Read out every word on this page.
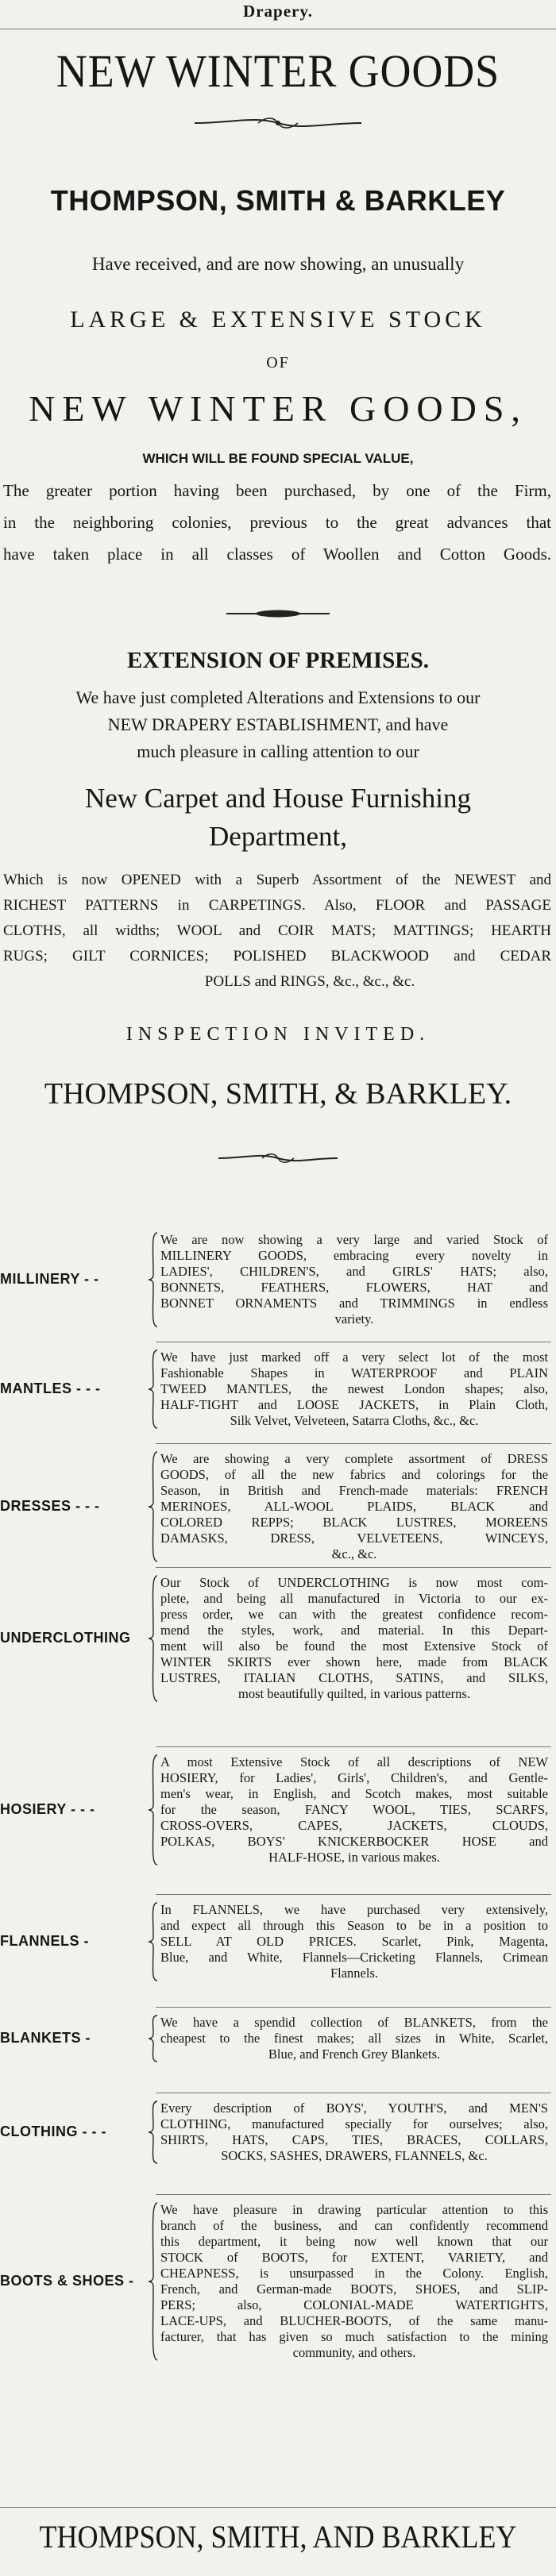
Drapery.
NEW WINTER GOODS
THOMPSON, SMITH & BARKLEY
Have received, and are now showing, an unusually
LARGE & EXTENSIVE STOCK
OF
NEW WINTER GOODS,
WHICH WILL BE FOUND SPECIAL VALUE,
The greater portion having been purchased, by one of the Firm,
in the neighboring colonies, previous to the great advances that
have taken place in all classes of Woollen and Cotton Goods.
EXTENSION OF PREMISES.
We have just completed Alterations and Extensions to our
NEW DRAPERY ESTABLISHMENT, and have
much pleasure in calling attention to our
New Carpet and House Furnishing
Department,
Which is now OPENED with a Superb Assortment of the NEWEST and
RICHEST PATTERNS in CARPETINGS. Also, FLOOR and PASSAGE
CLOTHS, all widths; WOOL and COIR MATS; MATTINGS; HEARTH
RUGS; GILT CORNICES; POLISHED BLACKWOOD and CEDAR
POLLS and RINGS, &c., &c., &c.
INSPECTION INVITED.
THOMPSON, SMITH, & BARKLEY.
MILLINERY - -
We are now showing a very large and varied Stock of
MILLINERY GOODS, embracing every novelty in
LADIES', CHILDREN'S, and GIRLS' HATS; also,
BONNETS, FEATHERS, FLOWERS, HAT and
BONNET ORNAMENTS and TRIMMINGS in endless
variety.
MANTLES - - -
We have just marked off a very select lot of the most
Fashionable Shapes in WATERPROOF and PLAIN
TWEED MANTLES, the newest London shapes; also,
HALF-TIGHT and LOOSE JACKETS, in Plain Cloth,
Silk Velvet, Velveteen, Satarra Cloths, &c., &c.
DRESSES - - -
We are showing a very complete assortment of DRESS
GOODS, of all the new fabrics and colorings for the
Season, in British and French-made materials: FRENCH
MERINOES, ALL-WOOL PLAIDS, BLACK and
COLORED REPPS; BLACK LUSTRES, MOREENS
DAMASKS, DRESS, VELVETEENS, WINCEYS,
&c., &c.
UNDERCLOTHING
Our Stock of UNDERCLOTHING is now most com-
plete, and being all manufactured in Victoria to our ex-
press order, we can with the greatest confidence recom-
mend the styles, work, and material. In this Depart-
ment will also be found the most Extensive Stock of
WINTER SKIRTS ever shown here, made from BLACK
LUSTRES, ITALIAN CLOTHS, SATINS, and SILKS,
most beautifully quilted, in various patterns.
HOSIERY - - -
A most Extensive Stock of all descriptions of NEW
HOSIERY, for Ladies', Girls', Children's, and Gentle-
men's wear, in English, and Scotch makes, most suitable
for the season, FANCY WOOL, TIES, SCARFS,
CROSS-OVERS, CAPES, JACKETS, CLOUDS,
POLKAS, BOYS' KNICKERBOCKER HOSE and
HALF-HOSE, in various makes.
FLANNELS -
In FLANNELS, we have purchased very extensively,
and expect all through this Season to be in a position to
SELL AT OLD PRICES. Scarlet, Pink, Magenta,
Blue, and White, Flannels—Cricketing Flannels, Crimean
Flannels.
BLANKETS -
We have a spendid collection of BLANKETS, from the
cheapest to the finest makes; all sizes in White, Scarlet,
Blue, and French Grey Blankets.
CLOTHING - - -
Every description of BOYS', YOUTH'S, and MEN'S
CLOTHING, manufactured specially for ourselves; also,
SHIRTS, HATS, CAPS, TIES, BRACES, COLLARS,
SOCKS, SASHES, DRAWERS, FLANNELS, &c.
BOOTS & SHOES -
We have pleasure in drawing particular attention to this
branch of the business, and can confidently recommend
this department, it being now well known that our
STOCK of BOOTS, for EXTENT, VARIETY, and
CHEAPNESS, is unsurpassed in the Colony. English,
French, and German-made BOOTS, SHOES, and SLIP-
PERS; also, COLONIAL-MADE WATERTIGHTS,
LACE-UPS, and BLUCHER-BOOTS, of the same manu-
facturer, that has given so much satisfaction to the mining
community, and others.
THOMPSON, SMITH, AND BARKLEY
